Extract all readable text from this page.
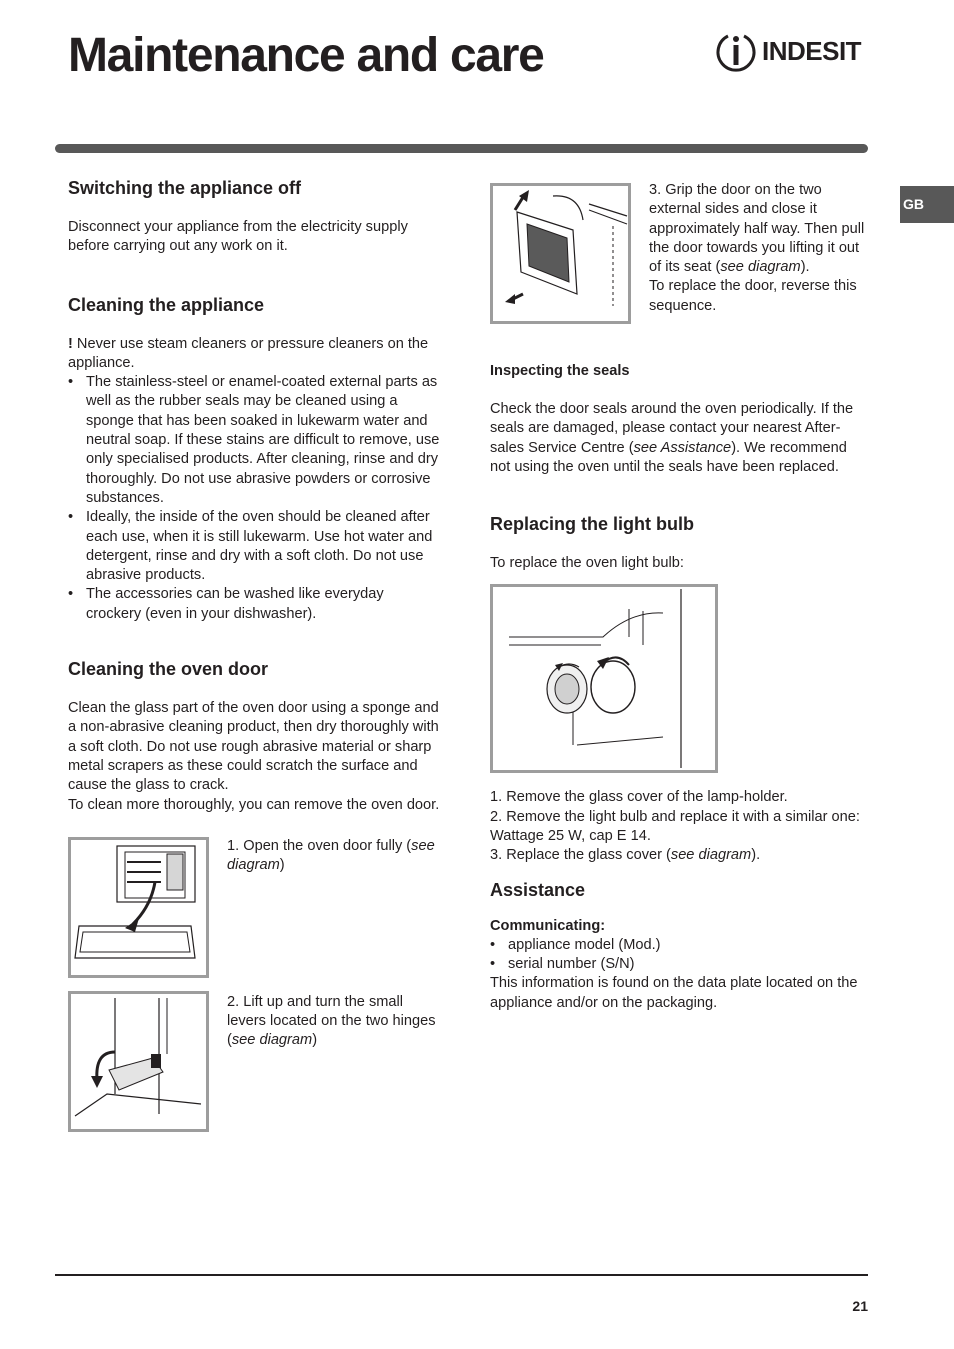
Maintenance and care	INDESIT
GB
Switching the appliance off

Disconnect your appliance from the electricity supply before carrying out any work on it.

Cleaning the appliance

! Never use steam cleaners or pressure cleaners on the appliance.

• The stainless-steel or enamel-coated external parts as well as the rubber seals may be cleaned using a sponge that has been soaked in lukewarm water and neutral soap. If these stains are difficult to remove, use only specialised products. After cleaning, rinse and dry thoroughly. Do not use abrasive powders or corrosive substances.
• Ideally, the inside of the oven should be cleaned after each use, when it is still lukewarm. Use hot water and detergent, rinse and dry with a soft cloth. Do not use abrasive products.
• The accessories can be washed like everyday crockery (even in your dishwasher).
Cleaning the oven door

Clean the glass part of the oven door using a sponge and a non-abrasive cleaning product, then dry thoroughly with a soft cloth. Do not use rough abrasive material or sharp metal scrapers as these could scratch the surface and cause the glass to crack.

To clean more thoroughly, you can remove the oven door.

1. Open the oven door fully (see diagram)

2. Lift up and turn the small levers located on the two hinges (see diagram)

3. Grip the door on the two external sides and close it approximately half way. Then pull the door towards you lifting it out of its seat (see diagram).
To replace the door, reverse this sequence.

Inspecting the seals

Check the door seals around the oven periodically. If the seals are damaged, please contact your nearest After-sales Service Centre (see Assistance). We recommend not using the oven until the seals have been replaced.

Replacing the light bulb

To replace the oven light bulb:

1. Remove the glass cover of the lamp-holder.

2. Remove the light bulb and replace it with a similar one: Wattage 25 W, cap E 14.

3. Replace the glass cover (see diagram).

Assistance
Communicating:
• appliance model (Mod.)
• serial number (S/N)

This information is found on the data plate located on the appliance and/or on the packaging.

21
